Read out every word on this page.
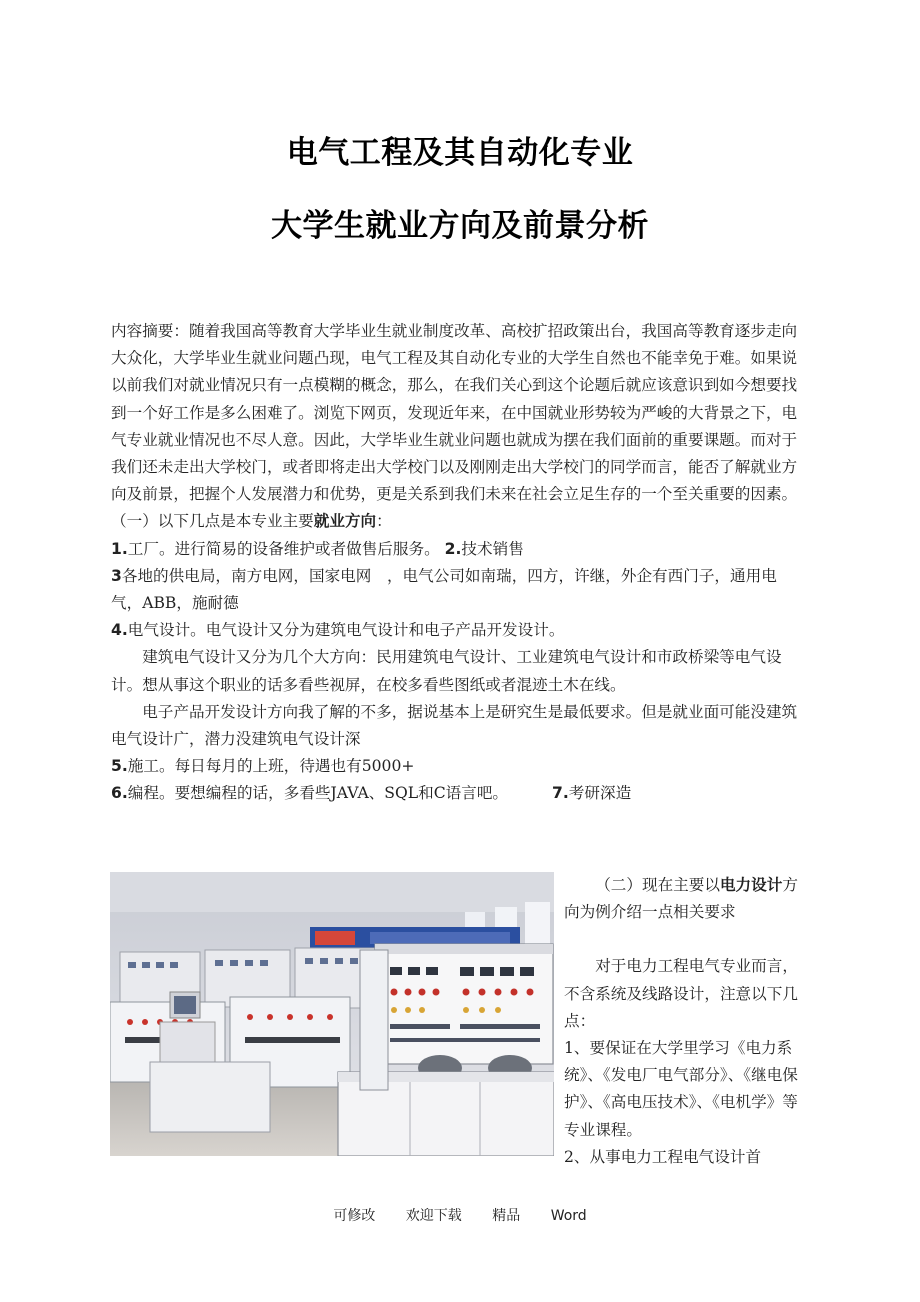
电气工程及其自动化专业
大学生就业方向及前景分析

内容摘要：随着我国高等教育大学毕业生就业制度改革、高校扩招政策出台，我国高等教育逐步走向大众化，大学毕业生就业问题凸现，电气工程及其自动化专业的大学生自然也不能幸免于难。如果说以前我们对就业情况只有一点模糊的概念，那么，在我们关心到这个论题后就应该意识到如今想要找到一个好工作是多么困难了。浏览下网页，发现近年来，在中国就业形势较为严峻的大背景之下，电气专业就业情况也不尽人意。因此，大学毕业生就业问题也就成为摆在我们面前的重要课题。而对于我们还未走出大学校门，或者即将走出大学校门以及刚刚走出大学校门的同学而言，能否了解就业方向及前景，把握个人发展潜力和优势，更是关系到我们未来在社会立足生存的一个至关重要的因素。（一）以下几点是本专业主要就业方向：

1.工厂。进行简易的设备维护或者做售后服务。 2.技术销售

3各地的供电局，南方电网，国家电网　，电气公司如南瑞，四方，许继，外企有西门子，通用电气，ABB，施耐德

4.电气设计。电气设计又分为建筑电气设计和电子产品开发设计。

建筑电气设计又分为几个大方向：民用建筑电气设计、工业建筑电气设计和市政桥梁等电气设计。想从事这个职业的话多看些视屏，在校多看些图纸或者混迹土木在线。

电子产品开发设计方向我了解的不多，据说基本上是研究生是最低要求。但是就业面可能没建筑电气设计广，潜力没建筑电气设计深

5.施工。每日每月的上班，待遇也有5000+

6.编程。要想编程的话，多看些JAVA、SQL和C语言吧。	7.考研深造

（二）现在主要以电力设计方向为例介绍一点相关要求

对于电力工程电气专业而言，不含系统及线路设计，注意以下几点：

1、要保证在大学里学习《电力系统》、《发电厂电气部分》、《继电保护》、《高电压技术》、《电机学》等专业课程。

2、从事电力工程电气设计首

可修改 欢迎下载 精品 Word
